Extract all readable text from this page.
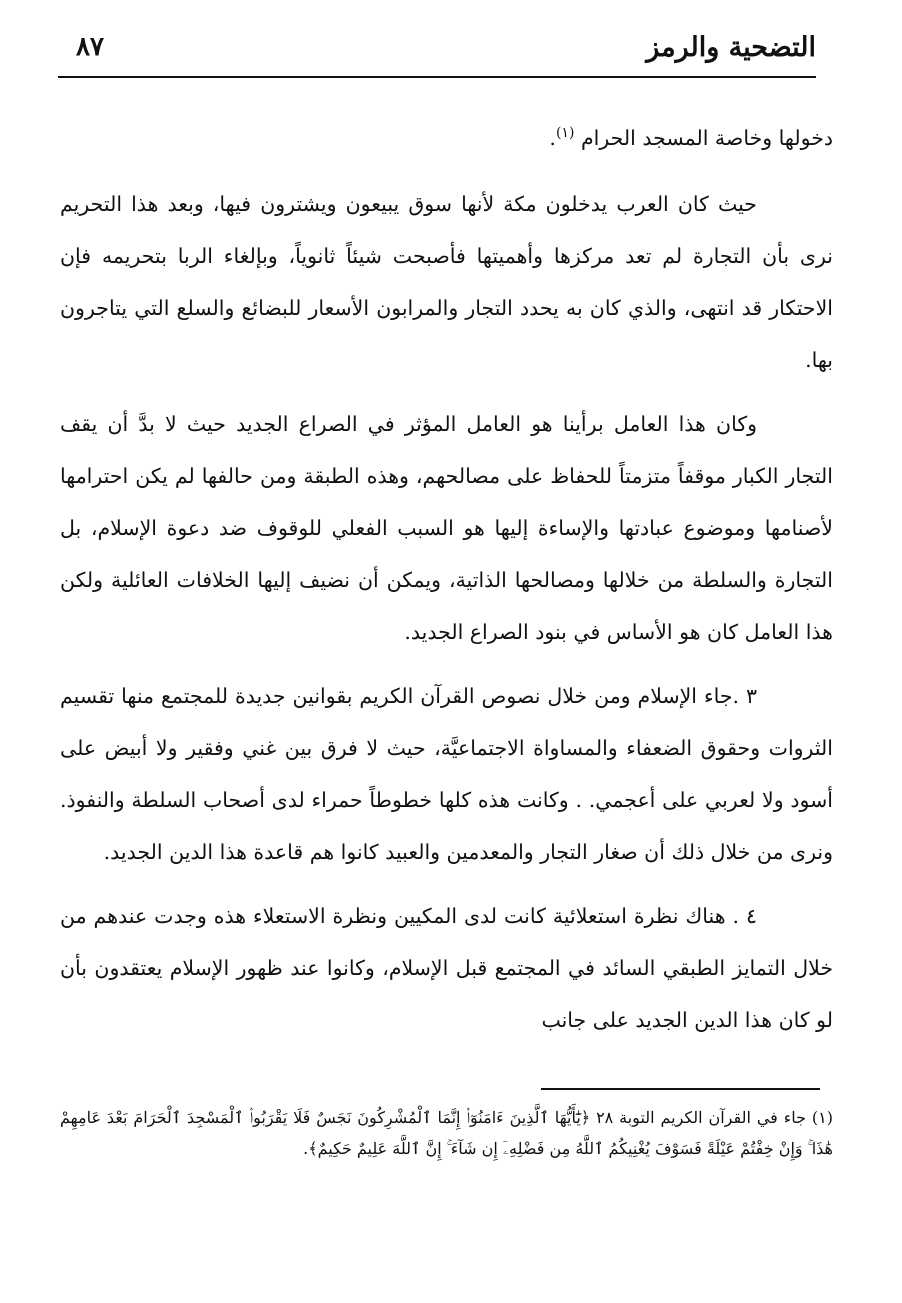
التضحية والرمز
٨٧

دخولها وخاصة المسجد الحرام $^{(١)}$.

حيث كان العرب يدخلون مكة لأنها سوق يبيعون ويشترون فيها، وبعد هذا التحريم نرى بأن التجارة لم تعد مركزها وأهميتها فأصبحت شيئاً ثانوياً، وبإلغاء الربا بتحريمه فإن الاحتكار قد انتهى، والذي كان به يحدد التجار والمرابون الأسعار للبضائع والسلع التي يتاجرون بها.

وكان هذا العامل برأينا هو العامل المؤثر في الصراع الجديد حيث لا بدَّ أن يقف التجار الكبار موقفاً متزمتاً للحفاظ على مصالحهم، وهذه الطبقة ومن حالفها لم يكن احترامها لأصنامها وموضوع عبادتها والإساءة إليها هو السبب الفعلي للوقوف ضد دعوة الإسلام، بل التجارة والسلطة من خلالها ومصالحها الذاتية، ويمكن أن نضيف إليها الخلافات العائلية ولكن هذا العامل كان هو الأساس في بنود الصراع الجديد.

٣ .جاء الإسلام ومن خلال نصوص القرآن الكريم بقوانين جديدة للمجتمع منها تقسيم الثروات وحقوق الضعفاء والمساواة الاجتماعيَّة، حيث لا فرق بين غني وفقير ولا أبيض على أسود ولا لعربي على أعجمي. . وكانت هذه كلها خطوطاً حمراء لدى أصحاب السلطة والنفوذ. ونرى من خلال ذلك أن صغار التجار والمعدمين والعبيد كانوا هم قاعدة هذا الدين الجديد.

٤ . هناك نظرة استعلائية كانت لدى المكيين ونظرة الاستعلاء هذه وجدت عندهم من خلال التمايز الطبقي السائد في المجتمع قبل الإسلام، وكانوا عند ظهور الإسلام يعتقدون بأن لو كان هذا الدين الجديد على جانب

(١) جاء في القرآن الكريم التوبة ٢٨ ﴿يَٰٓأَيُّهَا ٱلَّذِينَ ءَامَنُوٓا۟ إِنَّمَا ٱلْمُشْرِكُونَ نَجَسٌ فَلَا يَقْرَبُوا۟ ٱلْمَسْجِدَ ٱلْحَرَامَ بَعْدَ عَامِهِمْ هَٰذَا ۚ وَإِنْ خِفْتُمْ عَيْلَةً فَسَوْفَ يُغْنِيكُمُ ٱللَّهُ مِن فَضْلِهِۦٓ إِن شَآءَ ۚ إِنَّ ٱللَّهَ عَلِيمٌ حَكِيمٌ﴾.
